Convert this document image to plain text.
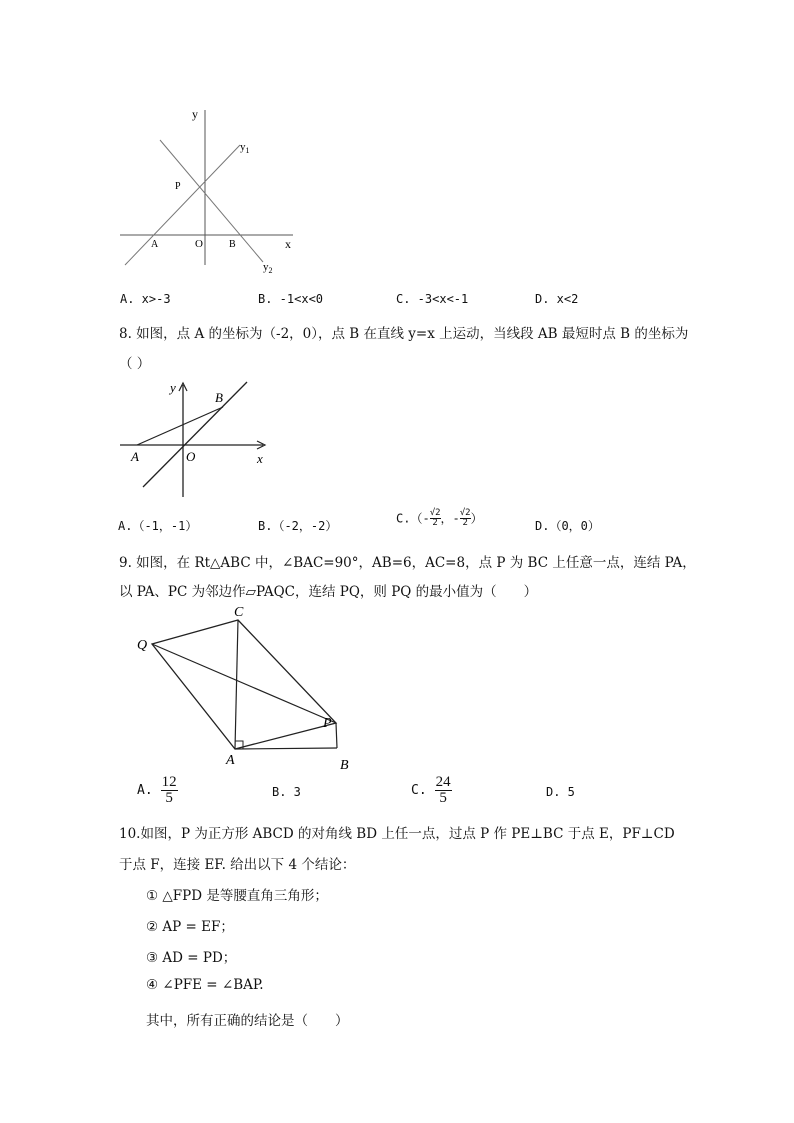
y
x
$y_1$
$y_2$
P
A	O	B
A. x>-3	B. -1<x<0	C. -3<x<-1	D. x<2
8. 如图，点 A 的坐标为（-2，0），点 B 在直线 y=x 上运动，当线段 AB 最短时点 B 的坐标为
（ ）
y
x
B
A	O
A.（-1，-1）	B.（-2，-2）
$C.(- \frac{√2}{2}$，- $\frac{√2}{2}$）
D.（0，0）
9. 如图，在 Rt△ABC 中，∠BAC=90°，AB=6，AC=8，点 P 为 BC 上任意一点，连结 PA，
以 PA、PC 为邻边作▱PAQC，连结 PQ，则 PQ 的最小值为（　　）
Q
C
P
A	B
A. $\frac{12}{5}$	B. 3	C. $\frac{24}{5}$	D. 5
10.如图，P 为正方形 ABCD 的对角线 BD 上任一点，过点 P 作 PE⊥BC 于点 E，PF⊥CD
于点 F，连接 EF. 给出以下 4 个结论：
① △FPD 是等腰直角三角形；
② AP = EF；
③ AD = PD；
④ ∠PFE = ∠BAP.
其中，所有正确的结论是（　　）
